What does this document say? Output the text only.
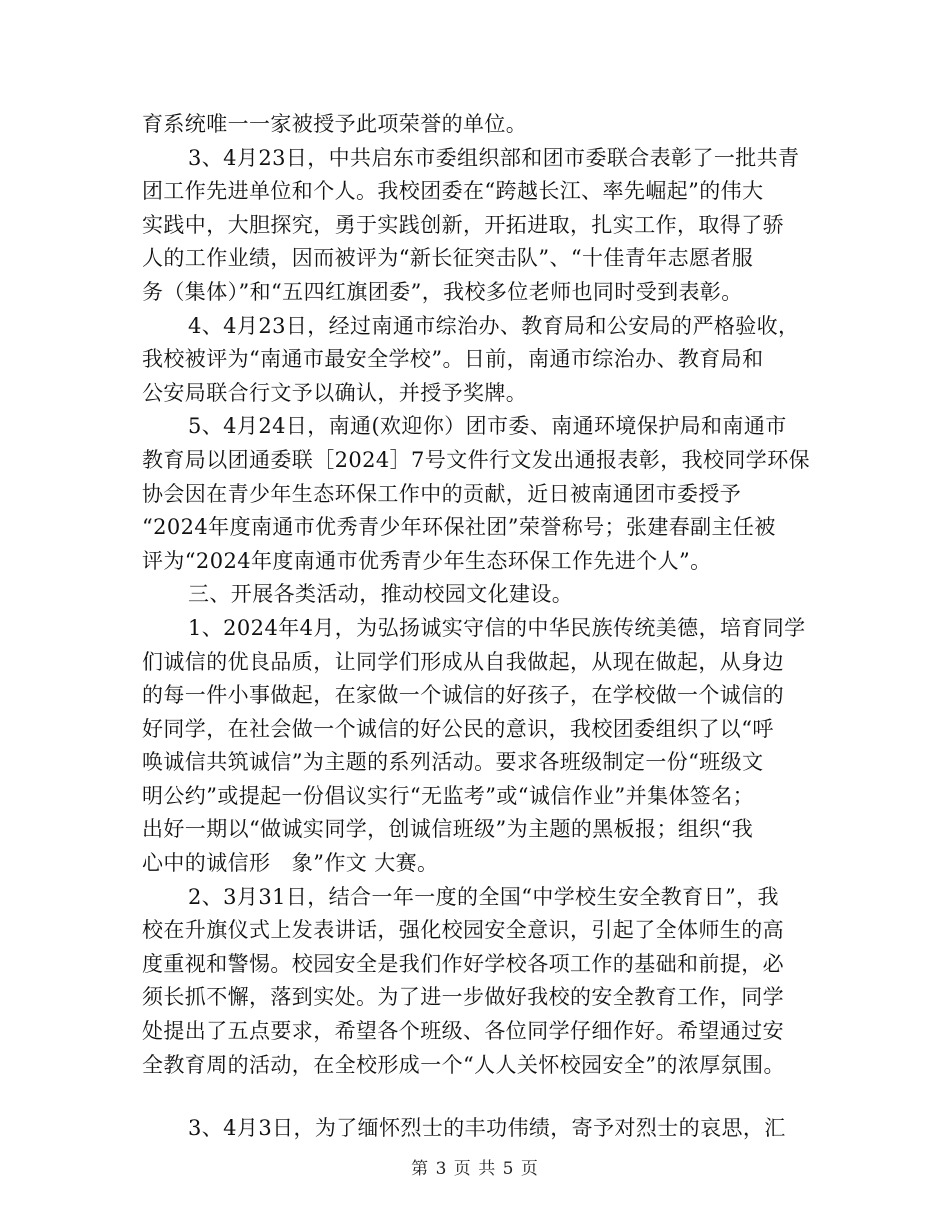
育系统唯一一家被授予此项荣誉的单位。

3、4月23日，中共启东市委组织部和团市委联合表彰了一批共青

团工作先进单位和个人。我校团委在“跨越长江、率先崛起”的伟大

实践中，大胆探究，勇于实践创新，开拓进取，扎实工作，取得了骄

人的工作业绩，因而被评为“新长征突击队”、“十佳青年志愿者服

务（集体）”和“五四红旗团委”，我校多位老师也同时受到表彰。

4、4月23日，经过南通市综治办、教育局和公安局的严格验收，

我校被评为“南通市最安全学校”。日前，南通市综治办、教育局和

公安局联合行文予以确认，并授予奖牌。

5、4月24日，南通(欢迎你）团市委、南通环境保护局和南通市

教育局以团通委联［2024］7号文件行文发出通报表彰，我校同学环保

协会因在青少年生态环保工作中的贡献，近日被南通团市委授予

“2024年度南通市优秀青少年环保社团”荣誉称号；张建春副主任被

评为“2024年度南通市优秀青少年生态环保工作先进个人”。

三、开展各类活动，推动校园文化建设。

1、2024年4月，为弘扬诚实守信的中华民族传统美德，培育同学

们诚信的优良品质，让同学们形成从自我做起，从现在做起，从身边

的每一件小事做起，在家做一个诚信的好孩子，在学校做一个诚信的

好同学，在社会做一个诚信的好公民的意识，我校团委组织了以“呼

唤诚信共筑诚信”为主题的系列活动。要求各班级制定一份“班级文

明公约”或提起一份倡议实行“无监考”或“诚信作业”并集体签名；

出好一期以“做诚实同学，创诚信班级”为主题的黑板报；组织“我

心中的诚信形　象”作文 大赛。

2、3月31日，结合一年一度的全国“中学校生安全教育日”，我

校在升旗仪式上发表讲话，强化校园安全意识，引起了全体师生的高

度重视和警惕。校园安全是我们作好学校各项工作的基础和前提，必

须长抓不懈，落到实处。为了进一步做好我校的安全教育工作，同学

处提出了五点要求，希望各个班级、各位同学仔细作好。希望通过安

全教育周的活动，在全校形成一个“人人关怀校园安全”的浓厚氛围。

3、4月3日，为了缅怀烈士的丰功伟绩，寄予对烈士的哀思，汇

第 3 页 共 5 页
